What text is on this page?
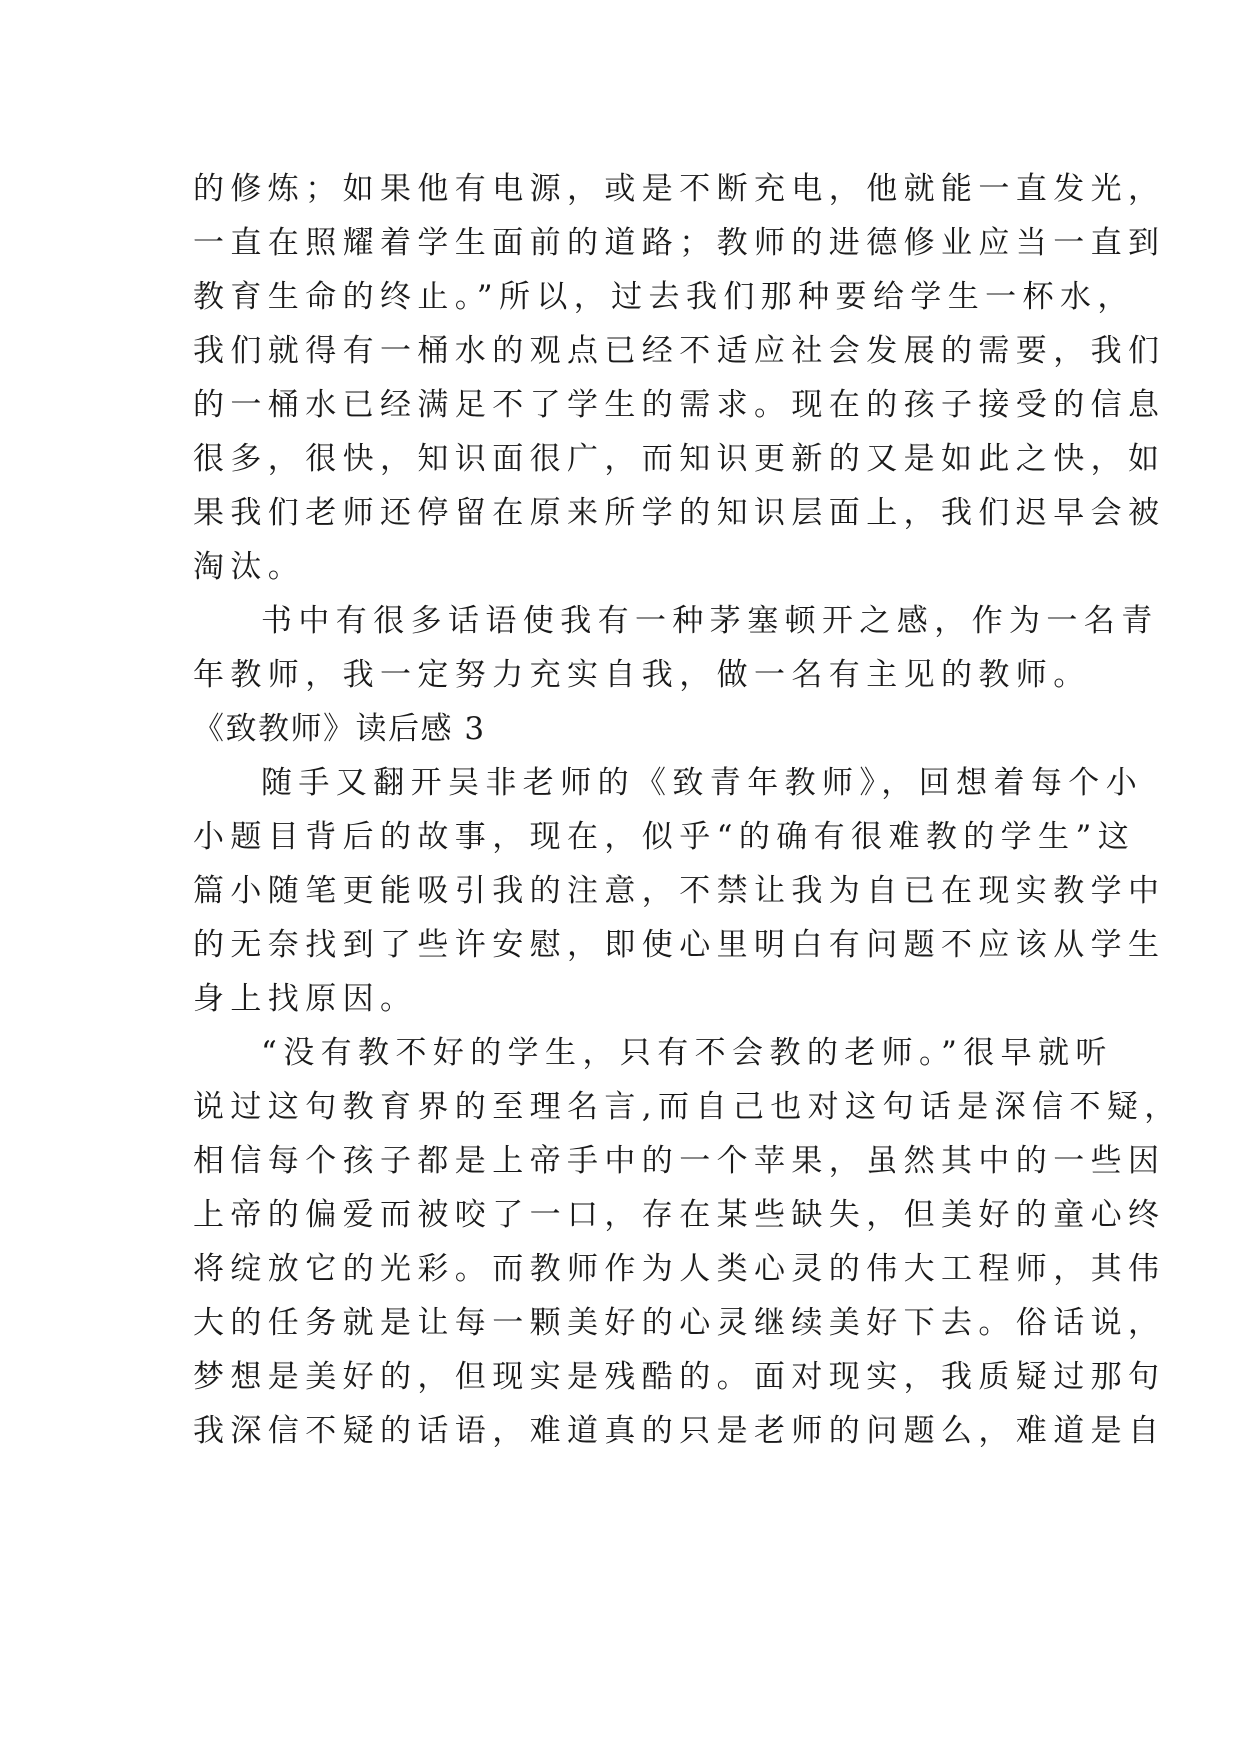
的修炼；如果他有电源，或是不断充电，他就能一直发光，
一直在照耀着学生面前的道路；教师的进德修业应当一直到
教育生命的终止。”所以，过去我们那种要给学生一杯水，
我们就得有一桶水的观点已经不适应社会发展的需要，我们
的一桶水已经满足不了学生的需求。现在的孩子接受的信息
很多，很快，知识面很广，而知识更新的又是如此之快，如
果我们老师还停留在原来所学的知识层面上，我们迟早会被
淘汰。
书中有很多话语使我有一种茅塞顿开之感，作为一名青
年教师，我一定努力充实自我，做一名有主见的教师。
《致教师》读后感 3
随手又翻开吴非老师的《致青年教师》，回想着每个小
小题目背后的故事，现在，似乎“的确有很难教的学生”这
篇小随笔更能吸引我的注意，不禁让我为自已在现实教学中
的无奈找到了些许安慰，即使心里明白有问题不应该从学生
身上找原因。
“没有教不好的学生，只有不会教的老师。”很早就听
说过这句教育界的至理名言,而自己也对这句话是深信不疑，
相信每个孩子都是上帝手中的一个苹果，虽然其中的一些因
上帝的偏爱而被咬了一口，存在某些缺失，但美好的童心终
将绽放它的光彩。而教师作为人类心灵的伟大工程师，其伟
大的任务就是让每一颗美好的心灵继续美好下去。俗话说，
梦想是美好的，但现实是残酷的。面对现实，我质疑过那句
我深信不疑的话语，难道真的只是老师的问题么，难道是自
